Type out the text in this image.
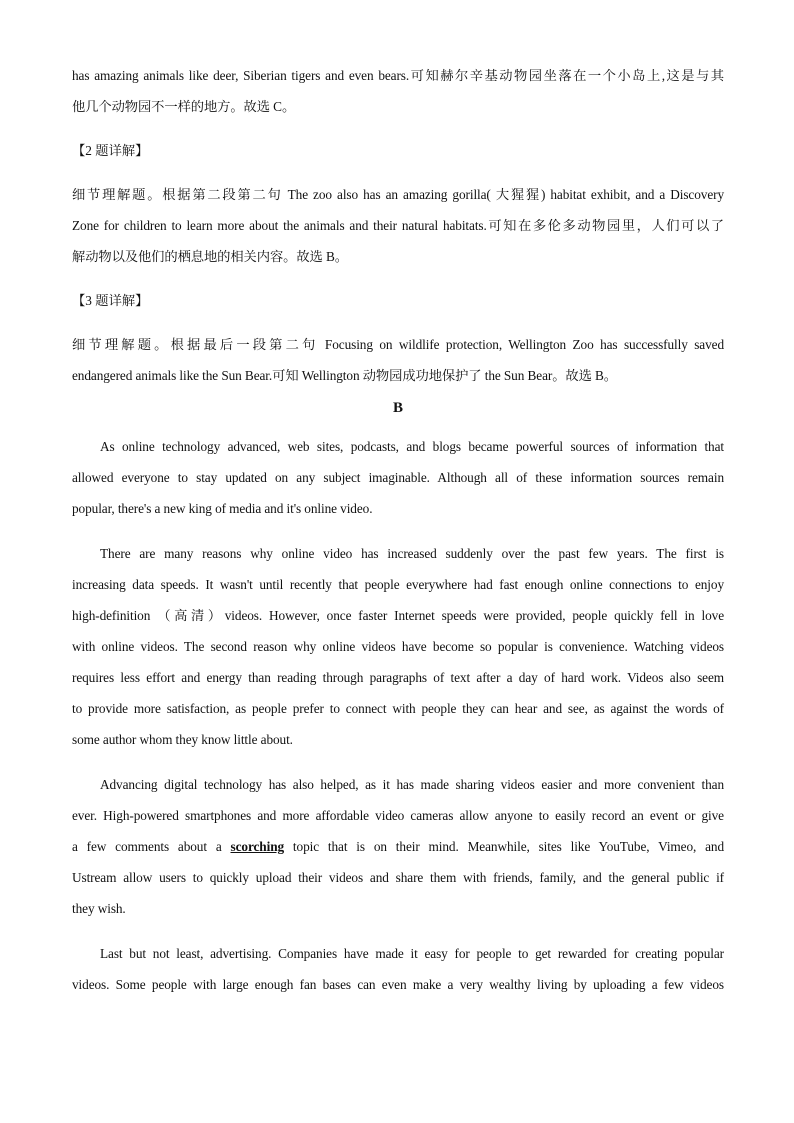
has amazing animals like deer, Siberian tigers and even bears.可知赫尔辛基动物园坐落在一个小岛上,这是与其
他几个动物园不一样的地方。故选 C。
【2 题详解】
细节理解题。根据第二段第二句 The zoo also has an amazing gorilla( 大猩猩) habitat exhibit, and a Discovery
Zone for children to learn more about the animals and their natural habitats.可知在多伦多动物园里，人们可以了
解动物以及他们的栖息地的相关内容。故选 B。
【3 题详解】
细节理解题。根据最后一段第二句 Focusing on wildlife protection, Wellington Zoo has successfully saved
endangered animals like the Sun Bear.可知 Wellington 动物园成功地保护了 the Sun Bear。故选 B。
B
As online technology advanced, web sites, podcasts, and blogs became powerful sources of information that
allowed everyone to stay updated on any subject imaginable. Although all of these information sources remain
popular, there's a new king of media and it's online video.
There are many reasons why online video has increased suddenly over the past few years. The first is
increasing data speeds. It wasn't until recently that people everywhere had fast enough online connections to enjoy
high-definition （高清）videos. However, once faster Internet speeds were provided, people quickly fell in love
with online videos. The second reason why online videos have become so popular is convenience. Watching videos
requires less effort and energy than reading through paragraphs of text after a day of hard work. Videos also seem
to provide more satisfaction, as people prefer to connect with people they can hear and see, as against the words of
some author whom they know little about.
Advancing digital technology has also helped, as it has made sharing videos easier and more convenient than
ever. High-powered smartphones and more affordable video cameras allow anyone to easily record an event or give
a few comments about a scorching topic that is on their mind. Meanwhile, sites like YouTube, Vimeo, and
Ustream allow users to quickly upload their videos and share them with friends, family, and the general public if
they wish.
Last but not least, advertising. Companies have made it easy for people to get rewarded for creating popular
videos. Some people with large enough fan bases can even make a very wealthy living by uploading a few videos
